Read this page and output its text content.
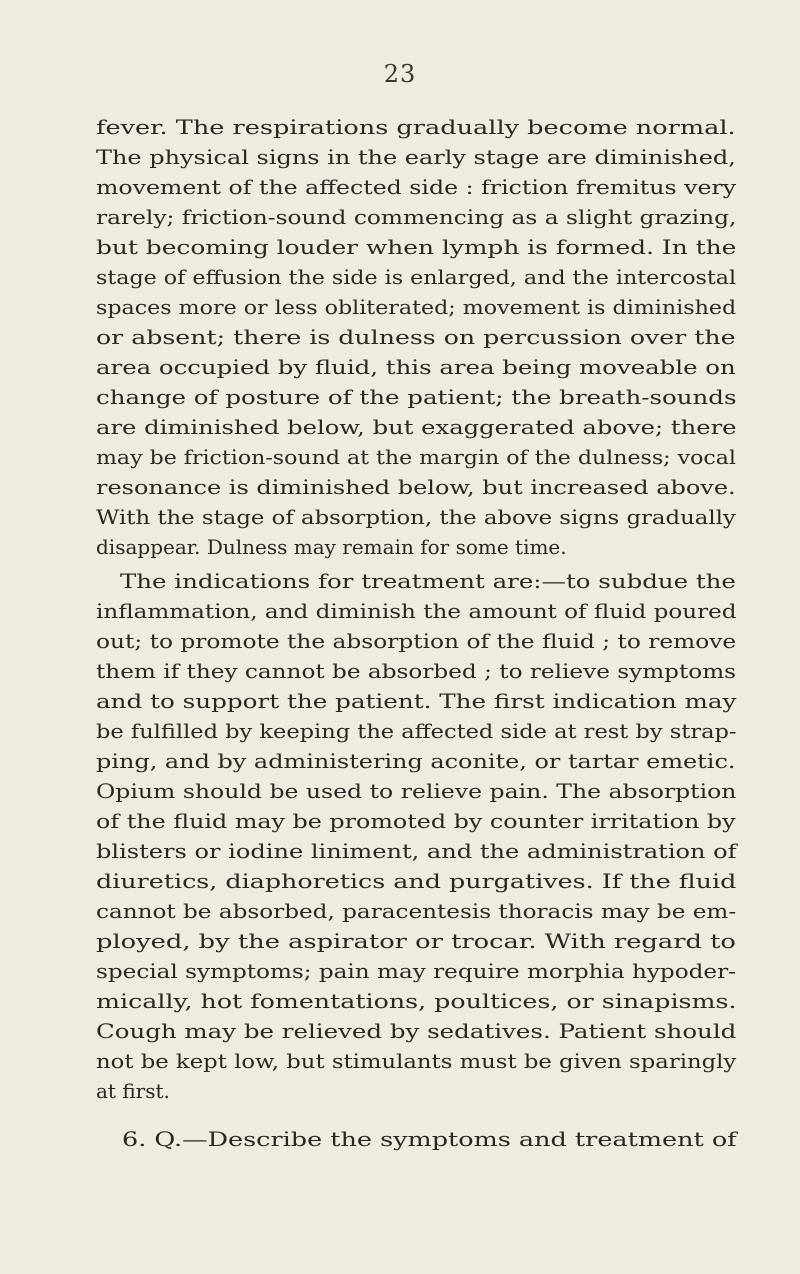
23
fever. The respirations gradually become normal.
The physical signs in the early stage are diminished,
movement of the affected side : friction fremitus very
rarely; friction-sound commencing as a slight grazing,
but becoming louder when lymph is formed. In the
stage of effusion the side is enlarged, and the intercostal
spaces more or less obliterated; movement is diminished
or absent; there is dulness on percussion over the
area occupied by fluid, this area being moveable on
change of posture of the patient; the breath-sounds
are diminished below, but exaggerated above; there
may be friction-sound at the margin of the dulness; vocal
resonance is diminished below, but increased above.
With the stage of absorption, the above signs gradually
disappear. Dulness may remain for some time.
The indications for treatment are:—to subdue the
inflammation, and diminish the amount of fluid poured
out; to promote the absorption of the fluid ; to remove
them if they cannot be absorbed ; to relieve symptoms
and to support the patient. The first indication may
be fulfilled by keeping the affected side at rest by strap-
ping, and by administering aconite, or tartar emetic.
Opium should be used to relieve pain. The absorption
of the fluid may be promoted by counter irritation by
blisters or iodine liniment, and the administration of
diuretics, diaphoretics and purgatives. If the fluid
cannot be absorbed, paracentesis thoracis may be em-
ployed, by the aspirator or trocar. With regard to
special symptoms; pain may require morphia hypoder-
mically, hot fomentations, poultices, or sinapisms.
Cough may be relieved by sedatives. Patient should
not be kept low, but stimulants must be given sparingly
at first.
6. Q.—Describe the symptoms and treatment of
